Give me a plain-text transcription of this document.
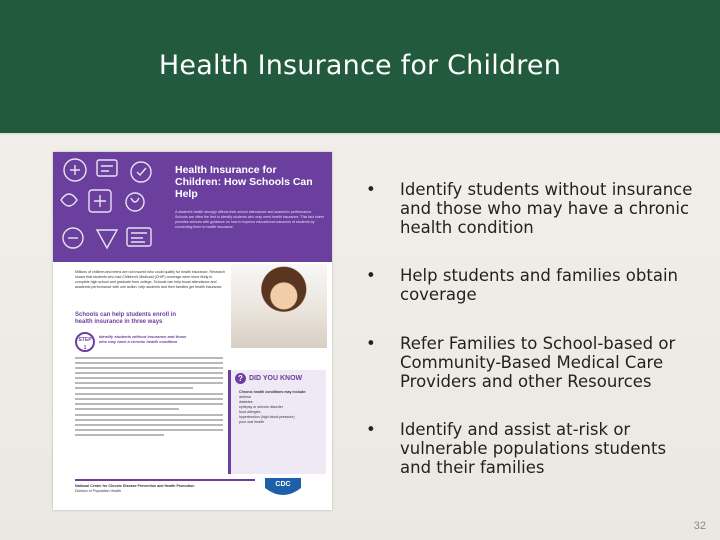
Health Insurance for Children
Health Insurance for Children: How Schools Can Help
A student's health strongly affects their school attendance and academic performance. Schools are often the first to identify students who may need health insurance. This fact sheet provides schools with guidance on how to improve educational outcomes of students by connecting them to health insurance.
Millions of children and teens are not insured who could qualify for health insurance. Research shows that students who had Children's Medicaid (CHIP) coverage were more likely to complete high school and graduate from college. Schools can help boost attendance and academic performance with one action: help students and their families get health insurance.
Schools can help students enroll in health insurance in three ways
STEP 1
Identify students without insurance and those who may have a chronic health condition
? DID YOU KNOW
Chronic health conditions may include:
asthma
diabetes
epilepsy or seizure disorder
food allergies
hypertension (high blood pressure)
poor oral health
National Center for Chronic Disease Prevention and Health Promotion
Division of Population Health
CDC
• Identify students without insurance and those who may have a chronic health condition
• Help students and families obtain coverage
• Refer Families to School-based or Community-Based Medical Care Providers and other Resources
• Identify and assist at-risk or vulnerable populations students and their families
32
